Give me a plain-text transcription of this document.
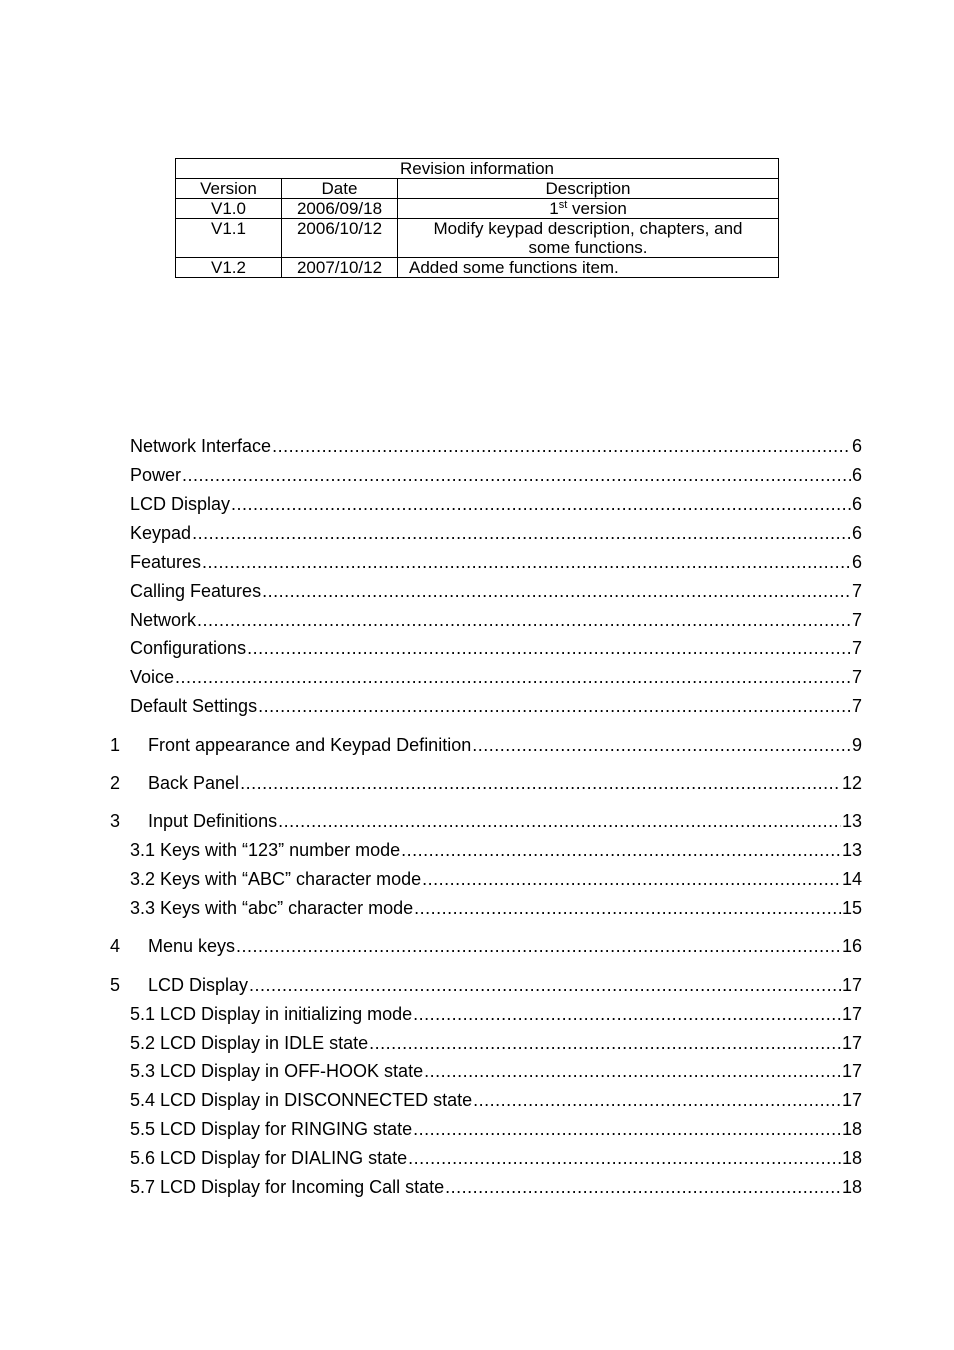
Revision information		
Version	Date	Description
V1.0	2006/09/18	1st version
V1.1	2006/10/12	Modify keypad description, chapters, and
some functions.
V1.2	2007/10/12	Added some functions item.
Network Interface .....	6
Power .....	6
LCD Display .....	6
Keypad .....	6
Features .....	6
Calling Features .....	7
Network .....	7
Configurations .....	7
Voice .....	7
Default Settings .....	7
1	Front appearance and Keypad Definition .....	9
2	Back Panel .....	12
3	Input Definitions .....	13
3.1 Keys with “123” number mode .....	13
3.2 Keys with “ABC” character mode .....	14
3.3 Keys with “abc” character mode .....	15
4	Menu keys .....	16
5	LCD Display .....	17
5.1 LCD Display in initializing mode .....	17
5.2 LCD Display in IDLE state .....	17
5.3 LCD Display in OFF-HOOK state .....	17
5.4 LCD Display in DISCONNECTED state .....	17
5.5 LCD Display for RINGING state .....	18
5.6 LCD Display for DIALING state .....	18
5.7 LCD Display for Incoming Call state .....	18
